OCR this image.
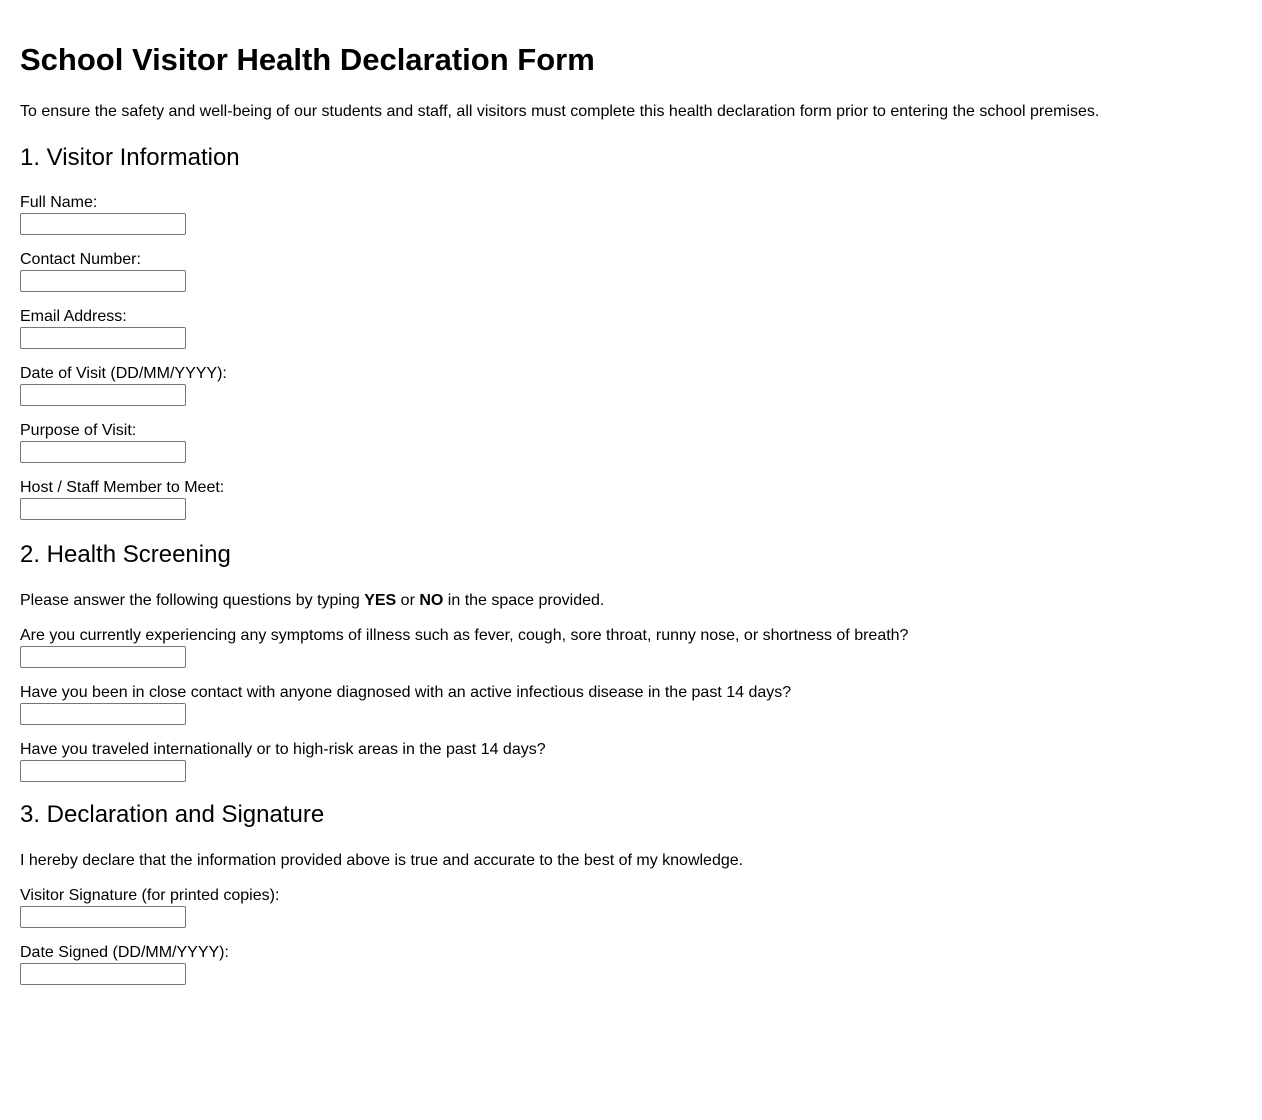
School Visitor Health Declaration Form

To ensure the safety and well-being of our students and staff, all visitors must complete this health declaration form prior to entering the school premises.

1. Visitor Information
Full Name:
Contact Number:
Email Address:
Date of Visit (DD/MM/YYYY):
Purpose of Visit:
Host / Staff Member to Meet:
2. Health Screening

Please answer the following questions by typing YES or NO in the space provided.

Are you currently experiencing any symptoms of illness such as fever, cough, sore throat, runny nose, or shortness of breath?
Have you been in close contact with anyone diagnosed with an active infectious disease in the past 14 days?
Have you traveled internationally or to high-risk areas in the past 14 days?
3. Declaration and Signature

I hereby declare that the information provided above is true and accurate to the best of my knowledge.

Visitor Signature (for printed copies):
Date Signed (DD/MM/YYYY):
